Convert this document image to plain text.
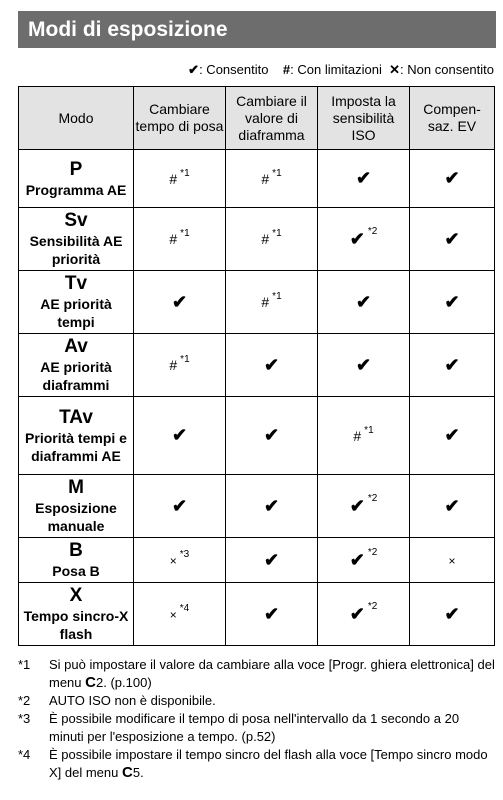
Modi di esposizione
✔: Consentito #: Con limitazioni ✕: Non consentito
Modo	Cambiare tempo di posa	Cambiare il valore di diaframma	Imposta la sensibilità ISO	Compen-saz. EV

P
Programma AE	# $^{*1}$	# $^{*1}$	✔	✔

Sv
Sensibilità AE priorità	# $^{*1}$	# $^{*1}$	✔ $^{*2}$	✔

Tv
AE priorità tempi	✔	# $^{*1}$	✔	✔

Av
AE priorità diaframmi	# $^{*1}$	✔	✔	✔

TAv
Priorità tempi e diaframmi AE	✔	✔	# $^{*1}$	✔

M
Esposizione manuale	✔	✔	✔ $^{*2}$	✔

B
Posa B	× $^{*3}$	✔	✔ $^{*2}$	×

X
Tempo sincro-X flash	× $^{*4}$	✔	✔ $^{*2}$	✔
*1	Si può impostare il valore da cambiare alla voce [Progr. ghiera elettronica] del menu C2. (p.100)
*2	AUTO ISO non è disponibile.
*3	È possibile modificare il tempo di posa nell'intervallo da 1 secondo a 20 minuti per l'esposizione a tempo. (p.52)
*4	È possibile impostare il tempo sincro del flash alla voce [Tempo sincro modo X] del menu C5.
